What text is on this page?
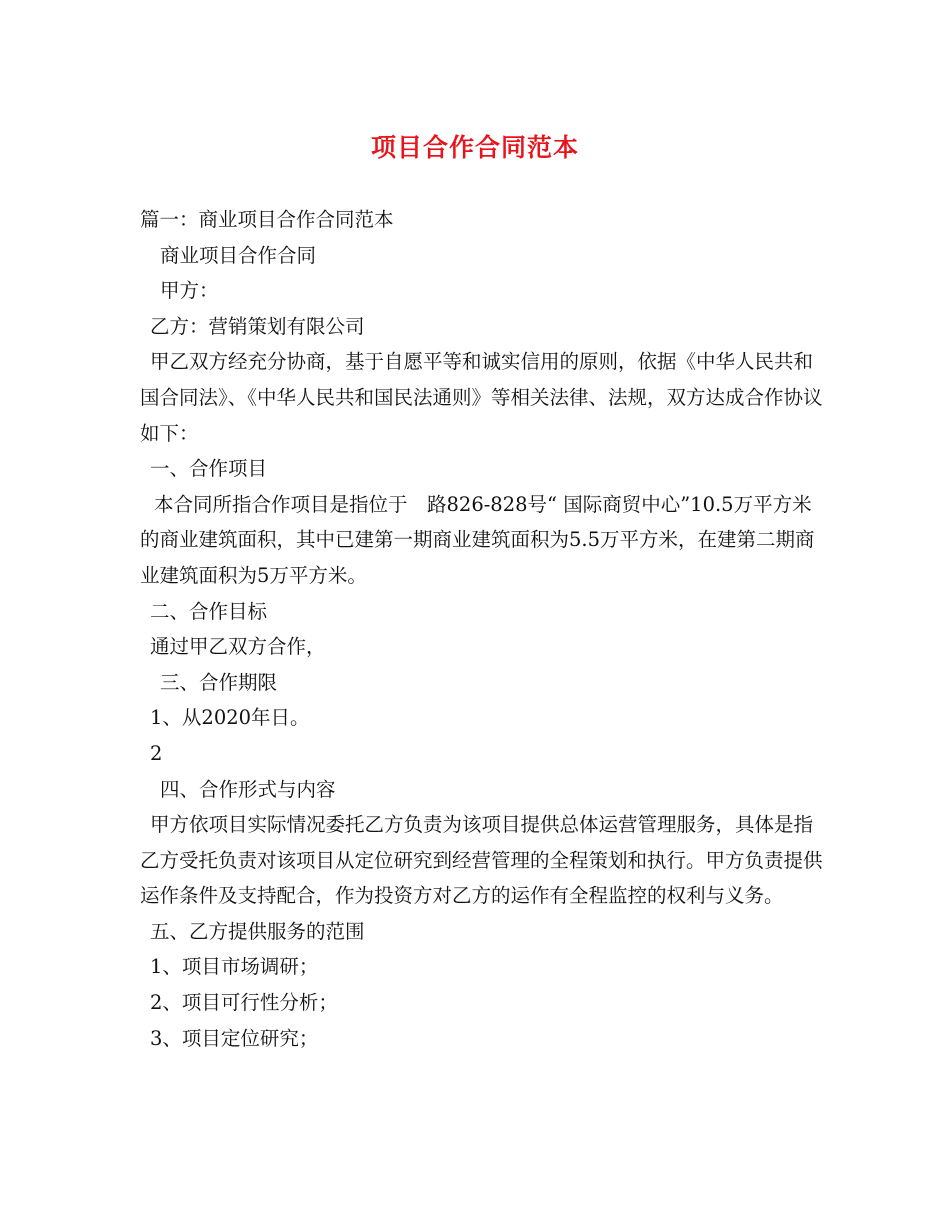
项目合作合同范本

篇一：商业项目合作合同范本

商业项目合作合同

甲方：

乙方：营销策划有限公司

甲乙双方经充分协商，基于自愿平等和诚实信用的原则，依据《中华人民共和国合同法》、《中华人民共和国民法通则》等相关法律、法规，双方达成合作协议如下：

一、合作项目

本合同所指合作项目是指位于　路826-828号“ 国际商贸中心”10.5万平方米的商业建筑面积，其中已建第一期商业建筑面积为5.5万平方米，在建第二期商业建筑面积为5万平方米。

二、合作目标

通过甲乙双方合作，

三、合作期限

1、从2020年日。

2

四、合作形式与内容

甲方依项目实际情况委托乙方负责为该项目提供总体运营管理服务，具体是指乙方受托负责对该项目从定位研究到经营管理的全程策划和执行。甲方负责提供运作条件及支持配合，作为投资方对乙方的运作有全程监控的权利与义务。

五、乙方提供服务的范围

1、项目市场调研；

2、项目可行性分析；

3、项目定位研究；
